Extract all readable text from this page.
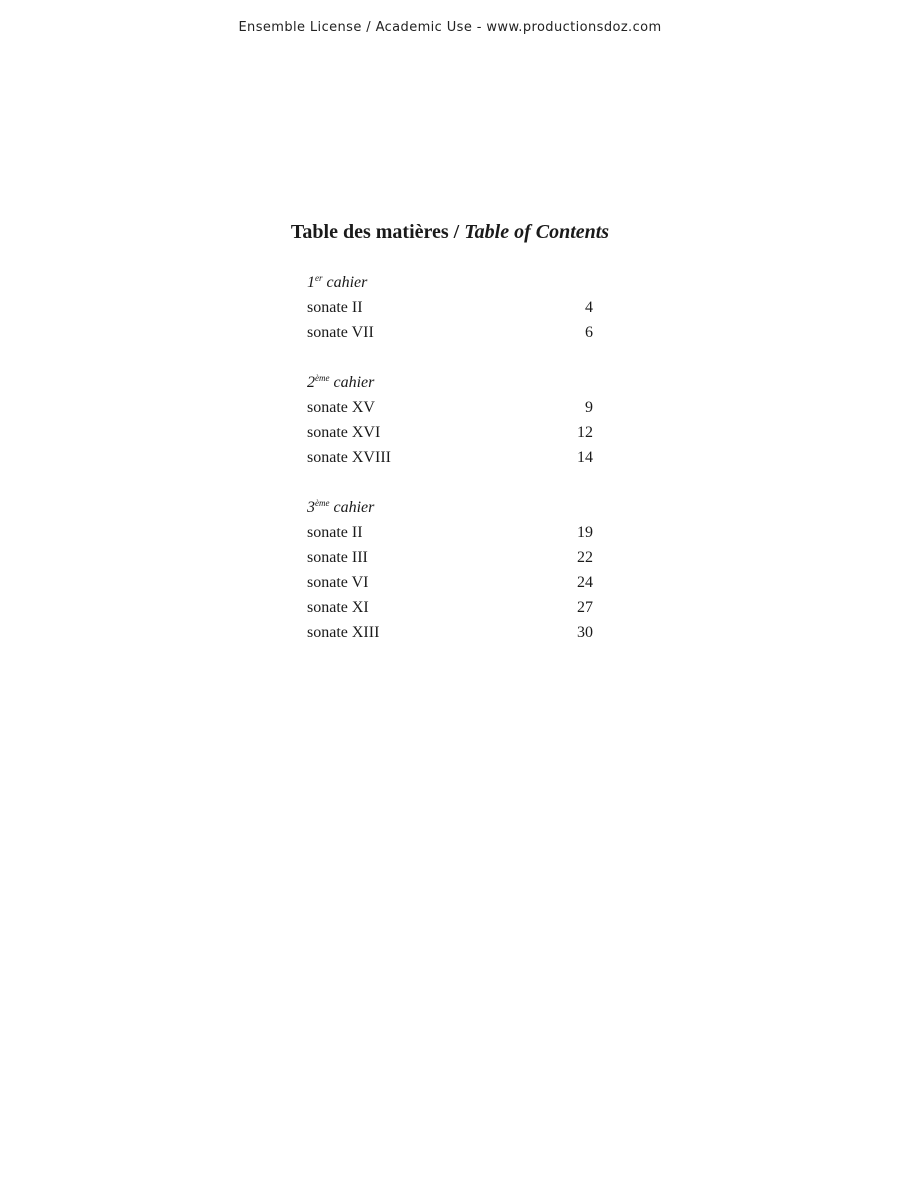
Ensemble License / Academic Use - www.productionsdoz.com
Table des matières / Table of Contents
1er cahier
sonate II	4
sonate VII	6
2ème cahier
sonate XV	9
sonate XVI	12
sonate XVIII	14
3ème cahier
sonate II	19
sonate III	22
sonate VI	24
sonate XI	27
sonate XIII	30
